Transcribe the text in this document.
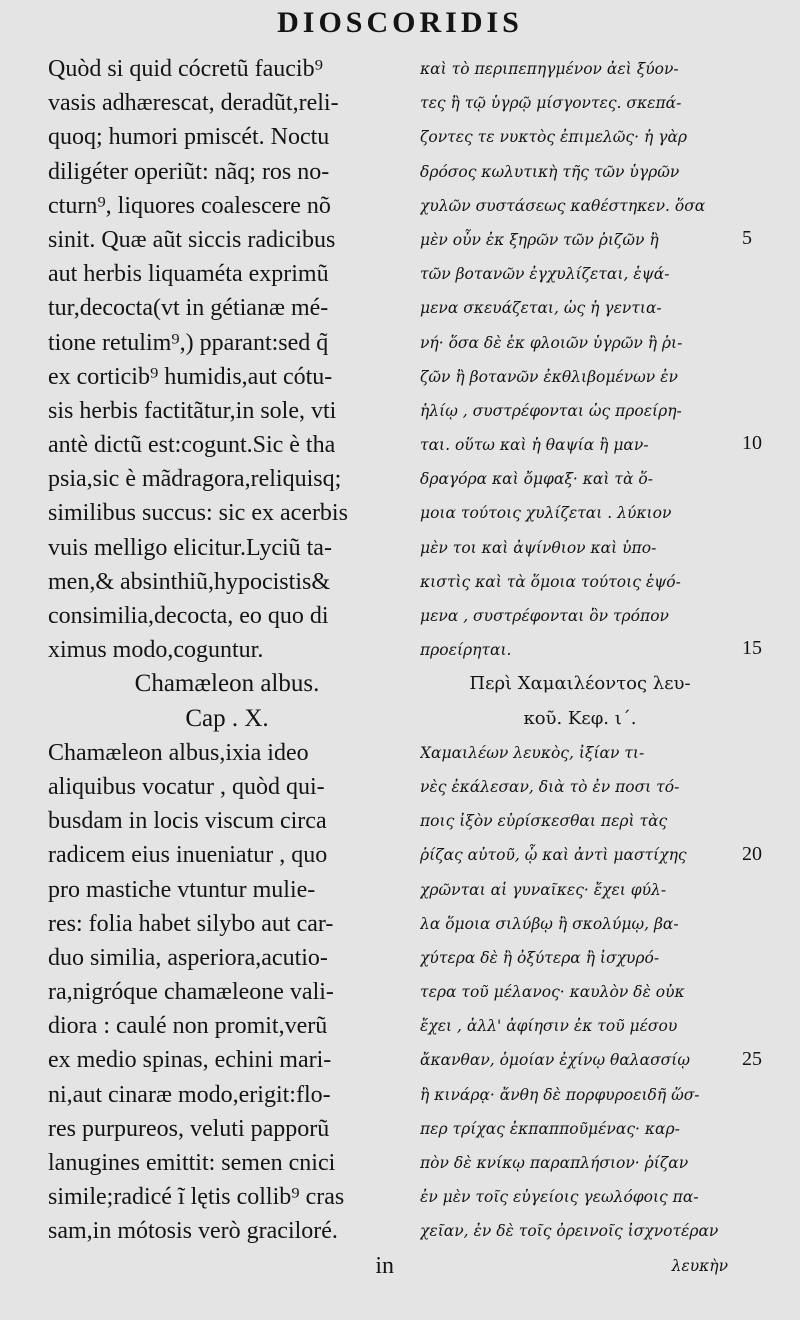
DIOSCORIDIS
Quòd si quid cócretũ faucib⁹
vasis adhærescat, deradũt,reli-
quoq; humori pmiscét. Noctu
diligéter operiũt: nãq; ros no-
cturn⁹, liquores coalescere nõ
sinit. Quæ aũt siccis radicibus
aut herbis liquaméta exprimũ
tur,decocta(vt in gétianæ mé-
tione retulim⁹,) pparant:sed q̃
ex corticib⁹ humidis,aut cótu-
sis herbis factitãtur,in sole, vti
antè dictũ est:cogunt.Sic è tha
psia,sic è mãdragora,reliquisq;
similibus succus: sic ex acerbis
vuis melligo elicitur.Lyciũ ta-
men,& absinthiũ,hypocistis&
consimilia,decocta, eo quo di
ximus modo,coguntur.
Chamæleon albus.
Cap . X.
Chamæleon albus,ixia ideo
aliquibus vocatur , quòd qui-
busdam in locis viscum circa
radicem eius inueniatur , quo
pro mastiche vtuntur mulie-
res: folia habet silybo aut car-
duo similia, asperiora,acutio-
ra,nigróque chamæleone vali-
diora : caulé non promit,verũ
ex medio spinas, echini mari-
ni,aut cinaræ modo,erigit:flo-
res purpureos, veluti papporũ
lanugines emittit: semen cnici
simile;radicé ĩ lętis collib⁹ cras
sam,in mótosis verò graciloré.
in
καὶ τὸ περιπεπηγμένον ἀεὶ ξύον-
τες ἢ τῷ ὑγρῷ μίσγοντες. σκεπά-
ζοντες τε νυκτὸς ἐπιμελῶς· ἡ γὰρ
δρόσος κωλυτικὴ τῆς τῶν ὑγρῶν
χυλῶν συστάσεως καθέστηκεν. ὅσα
μὲν οὖν ἐκ ξηρῶν τῶν ῥιζῶν ἢ
τῶν βοτανῶν ἐγχυλίζεται, ἑψά-
μενα σκευάζεται, ὡς ἡ γεντια-
νή· ὅσα δὲ ἐκ φλοιῶν ὑγρῶν ἢ ῥι-
ζῶν ἢ βοτανῶν ἐκθλιβομένων ἐν
ἡλίῳ , συστρέφονται ὡς προείρη-
ται. οὕτω καὶ ἡ θαψία ἢ μαν-
δραγόρα καὶ ὄμφαξ· καὶ τὰ ὅ-
μοια τούτοις χυλίζεται . λύκιον
μὲν τοι καὶ ἀψίνθιον καὶ ὑπο-
κιστὶς καὶ τὰ ὅμοια τούτοις ἑψό-
μενα , συστρέφονται ὃν τρόπον
προείρηται.
Περὶ Χαμαιλέοντος λευ-
κοῦ. Κεφ. ι΄.
Χαμαιλέων λευκὸς, ἰξίαν τι-
νὲς ἐκάλεσαν, διὰ τὸ ἐν ποσι τό-
ποις ἰξὸν εὑρίσκεσθαι περὶ τὰς
ῥίζας αὐτοῦ, ᾧ καὶ ἀντὶ μαστίχης
χρῶνται αἱ γυναῖκες· ἔχει φύλ-
λα ὅμοια σιλύβῳ ἢ σκολύμῳ, βα-
χύτερα δὲ ἢ ὀξύτερα ἢ ἰσχυρό-
τερα τοῦ μέλανος· καυλὸν δὲ οὐκ
ἔχει , ἀλλ' ἀφίησιν ἐκ τοῦ μέσου
ἄκανθαν, ὁμοίαν ἐχίνῳ θαλασσίῳ
ἢ κινάρᾳ· ἄνθη δὲ πορφυροειδῆ ὥσ-
περ τρίχας ἐκπαπποῦμένας· καρ-
πὸν δὲ κνίκῳ παραπλήσιον· ῥίζαν
ἐν μὲν τοῖς εὐγείοις γεωλόφοις πα-
χεῖαν, ἐν δὲ τοῖς ὀρεινοῖς ἰσχνοτέραν
λευκὴν
5
10
15
20
25
